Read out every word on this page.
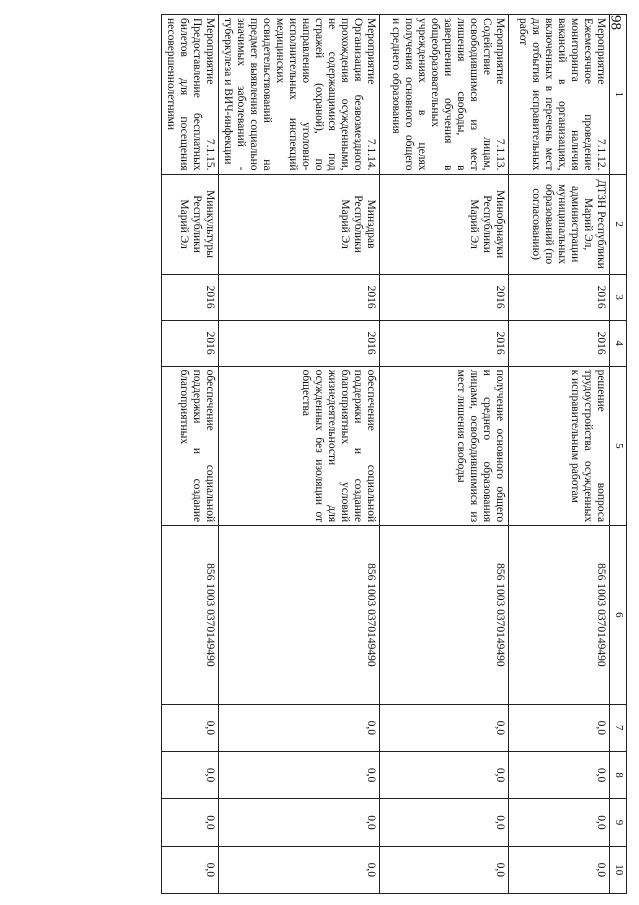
98
1	2	3	4	5	6	7	8	9	10
Мероприятие 7.1.12. Ежемесячное проведение мониторинга наличия вакансий в организациях, включенных в перечень мест для отбытия исправительных работ	ДТЗН Республики Марий Эл, администрации муниципальных образований (по согласованию)	2016	2016	решение вопроса трудоустройства осужденных к исправительным работам	856 1003 0370149490	0,0	0,0	0,0	0,0
Мероприятие 7.1.13. Содействие лицам, освободившимся из мест лишения свободы, в завершении обучения в общеобразовательных учреждениях в целях получения основного общего и среднего образования	Минобрнауки Республики Марий Эл	2016	2016	получение основного общего и среднего образования лицами, освободившимися из мест лишения свободы	856 1003 0370149490	0,0	0,0	0,0	0,0
Мероприятие 7.1.14. Организация безвозмездного прохождения осужденными, не содержащимися под стражей (охраной), по направлению уголовно-исполнительных инспекций медицинских освидетельствований на предмет выявления социально значимых заболеваний - туберкулеза и ВИЧ-инфекции	Минздрав Республики Марий Эл	2016	2016	обеспечение социальной поддержки и создание благоприятных условий жизнедеятельности для осужденных без изоляции от общества	856 1003 0370149490	0,0	0,0	0,0	0,0
Мероприятие 7.1.15. Предоставление бесплатных билетов для посещения несовершеннолетними	Минкультуры Республики Марий Эл	2016	2016	обеспечение социальной поддержки и создание благоприятных	856 1003 0370149490	0,0	0,0	0,0	0,0
